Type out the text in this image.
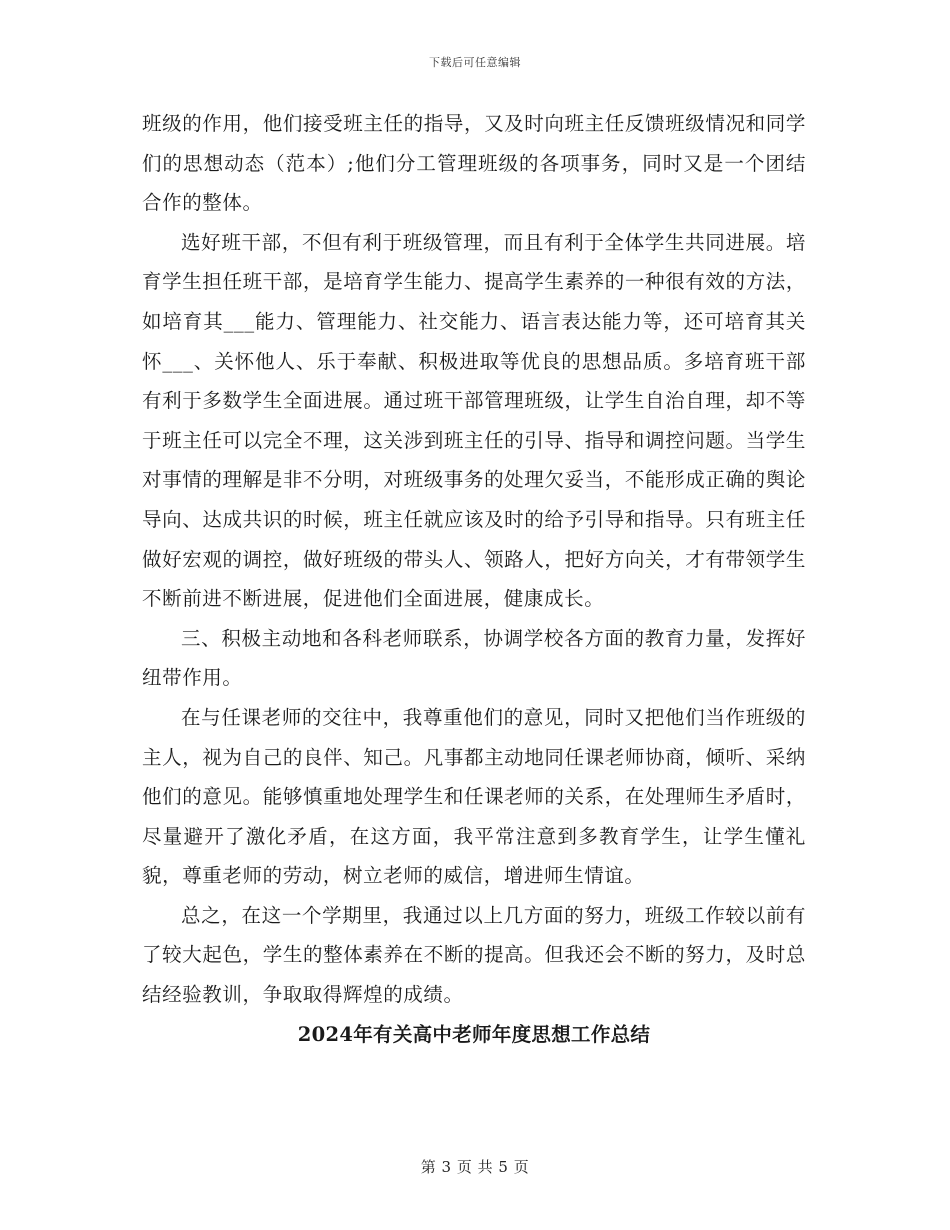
下载后可任意编辑

班级的作用，他们接受班主任的指导，又及时向班主任反馈班级情况和同学们的思想动态（范本）;他们分工管理班级的各项事务，同时又是一个团结合作的整体。

选好班干部，不但有利于班级管理，而且有利于全体学生共同进展。培育学生担任班干部，是培育学生能力、提高学生素养的一种很有效的方法，如培育其___能力、管理能力、社交能力、语言表达能力等，还可培育其关怀___、关怀他人、乐于奉献、积极进取等优良的思想品质。多培育班干部有利于多数学生全面进展。通过班干部管理班级，让学生自治自理，却不等于班主任可以完全不理，这关涉到班主任的引导、指导和调控问题。当学生对事情的理解是非不分明，对班级事务的处理欠妥当，不能形成正确的舆论导向、达成共识的时候，班主任就应该及时的给予引导和指导。只有班主任做好宏观的调控，做好班级的带头人、领路人，把好方向关，才有带领学生不断前进不断进展，促进他们全面进展，健康成长。

三、积极主动地和各科老师联系，协调学校各方面的教育力量，发挥好纽带作用。

在与任课老师的交往中，我尊重他们的意见，同时又把他们当作班级的主人，视为自己的良伴、知己。凡事都主动地同任课老师协商，倾听、采纳他们的意见。能够慎重地处理学生和任课老师的关系，在处理师生矛盾时，尽量避开了激化矛盾，在这方面，我平常注意到多教育学生，让学生懂礼貌，尊重老师的劳动，树立老师的威信，增进师生情谊。

总之，在这一个学期里，我通过以上几方面的努力，班级工作较以前有了较大起色，学生的整体素养在不断的提高。但我还会不断的努力，及时总结经验教训，争取取得辉煌的成绩。

2024年有关高中老师年度思想工作总结
第 3 页 共 5 页
